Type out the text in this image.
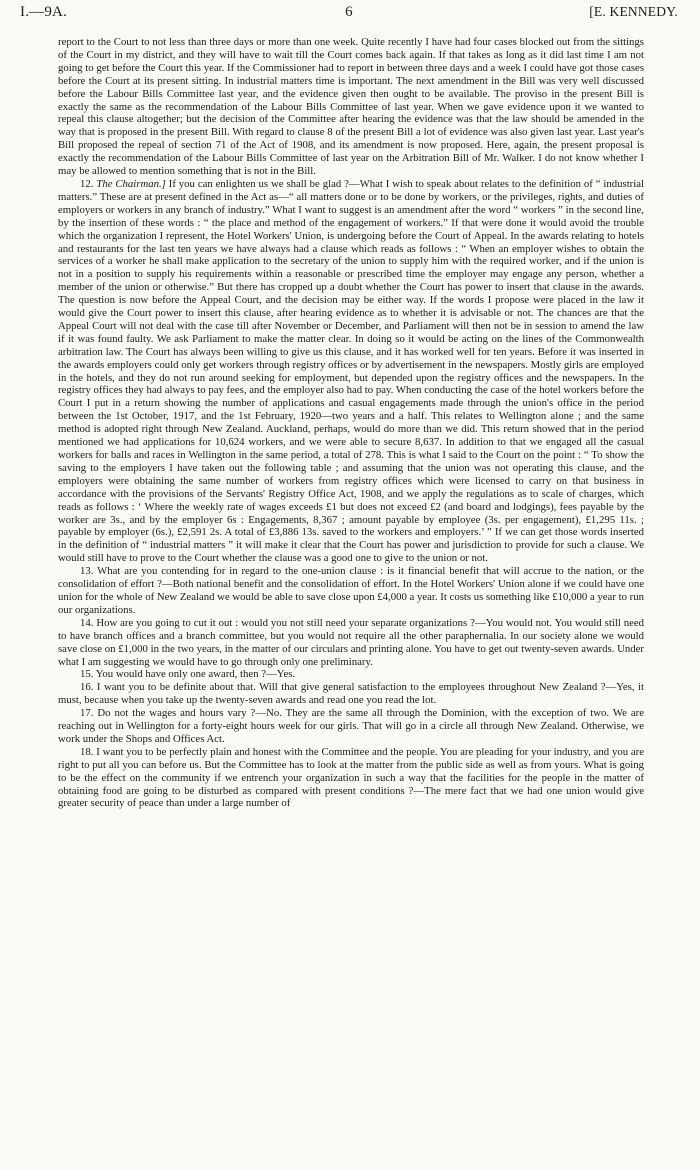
I.—9A.	6	[E. KENNEDY.

report to the Court to not less than three days or more than one week. Quite recently I have had four cases blocked out from the sittings of the Court in my district, and they will have to wait till the Court comes back again. If that takes as long as it did last time I am not going to get before the Court this year. If the Commissioner had to report in between three days and a week I could have got those cases before the Court at its present sitting. In industrial matters time is important. The next amendment in the Bill was very well discussed before the Labour Bills Committee last year, and the evidence given then ought to be available. The proviso in the present Bill is exactly the same as the recommendation of the Labour Bills Committee of last year. When we gave evidence upon it we wanted to repeal this clause altogether; but the decision of the Committee after hearing the evidence was that the law should be amended in the way that is proposed in the present Bill. With regard to clause 8 of the present Bill a lot of evidence was also given last year. Last year's Bill proposed the repeal of section 71 of the Act of 1908, and its amendment is now proposed. Here, again, the present proposal is exactly the recommendation of the Labour Bills Committee of last year on the Arbitration Bill of Mr. Walker. I do not know whether I may be allowed to mention something that is not in the Bill.

12. The Chairman.] If you can enlighten us we shall be glad ?—What I wish to speak about relates to the definition of “ industrial matters.” These are at present defined in the Act as—“ all matters done or to be done by workers, or the privileges, rights, and duties of employers or workers in any branch of industry.” What I want to suggest is an amendment after the word “ workers ” in the second line, by the insertion of these words : “ the place and method of the engagement of workers.” If that were done it would avoid the trouble which the organization I represent, the Hotel Workers' Union, is undergoing before the Court of Appeal. In the awards relating to hotels and restaurants for the last ten years we have always had a clause which reads as follows : “ When an employer wishes to obtain the services of a worker he shall make application to the secretary of the union to supply him with the required worker, and if the union is not in a position to supply his requirements within a reasonable or prescribed time the employer may engage any person, whether a member of the union or otherwise.” But there has cropped up a doubt whether the Court has power to insert that clause in the awards. The question is now before the Appeal Court, and the decision may be either way. If the words I propose were placed in the law it would give the Court power to insert this clause, after hearing evidence as to whether it is advisable or not. The chances are that the Appeal Court will not deal with the case till after November or December, and Parliament will then not be in session to amend the law if it was found faulty. We ask Parliament to make the matter clear. In doing so it would be acting on the lines of the Commonwealth arbitration law. The Court has always been willing to give us this clause, and it has worked well for ten years. Before it was inserted in the awards employers could only get workers through registry offices or by advertisement in the newspapers. Mostly girls are employed in the hotels, and they do not run around seeking for employment, but depended upon the registry offices and the newspapers. In the registry offices they had always to pay fees, and the employer also had to pay. When conducting the case of the hotel workers before the Court I put in a return showing the number of applications and casual engagements made through the union's office in the period between the 1st October, 1917, and the 1st February, 1920—two years and a half. This relates to Wellington alone ; and the same method is adopted right through New Zealand. Auckland, perhaps, would do more than we did. This return showed that in the period mentioned we had applications for 10,624 workers, and we were able to secure 8,637. In addition to that we engaged all the casual workers for balls and races in Wellington in the same period, a total of 278. This is what I said to the Court on the point : “ To show the saving to the employers I have taken out the following table ; and assuming that the union was not operating this clause, and the employers were obtaining the same number of workers from registry offices which were licensed to carry on that business in accordance with the provisions of the Servants' Registry Office Act, 1908, and we apply the regulations as to scale of charges, which reads as follows : ‘ Where the weekly rate of wages exceeds £1 but does not exceed £2 (and board and lodgings), fees payable by the worker are 3s., and by the employer 6s : Engagements, 8,367 ; amount payable by employee (3s. per engagement), £1,295 11s. ; payable by employer (6s.), £2,591 2s. A total of £3,886 13s. saved to the workers and employers.’ ” If we can get those words inserted in the definition of “ industrial matters ” it will make it clear that the Court has power and jurisdiction to provide for such a clause. We would still have to prove to the Court whether the clause was a good one to give to the union or not.

13. What are you contending for in regard to the one-union clause : is it financial benefit that will accrue to the nation, or the consolidation of effort ?—Both national benefit and the consolidation of effort. In the Hotel Workers' Union alone if we could have one union for the whole of New Zealand we would be able to save close upon £4,000 a year. It costs us something like £10,000 a year to run our organizations.

14. How are you going to cut it out : would you not still need your separate organizations ?—You would not. You would still need to have branch offices and a branch committee, but you would not require all the other paraphernalia. In our society alone we would save close on £1,000 in the two years, in the matter of our circulars and printing alone. You have to get out twenty-seven awards. Under what I am suggesting we would have to go through only one preliminary.

15. You would have only one award, then ?—Yes.

16. I want you to be definite about that. Will that give general satisfaction to the employees throughout New Zealand ?—Yes, it must, because when you take up the twenty-seven awards and read one you read the lot.

17. Do not the wages and hours vary ?—No. They are the same all through the Dominion, with the exception of two. We are reaching out in Wellington for a forty-eight hours week for our girls. That will go in a circle all through New Zealand. Otherwise, we work under the Shops and Offices Act.

18. I want you to be perfectly plain and honest with the Committee and the people. You are pleading for your industry, and you are right to put all you can before us. But the Committee has to look at the matter from the public side as well as from yours. What is going to be the effect on the community if we entrench your organization in such a way that the facilities for the people in the matter of obtaining food are going to be disturbed as compared with present conditions ?—The mere fact that we had one union would give greater security of peace than under a large number of
